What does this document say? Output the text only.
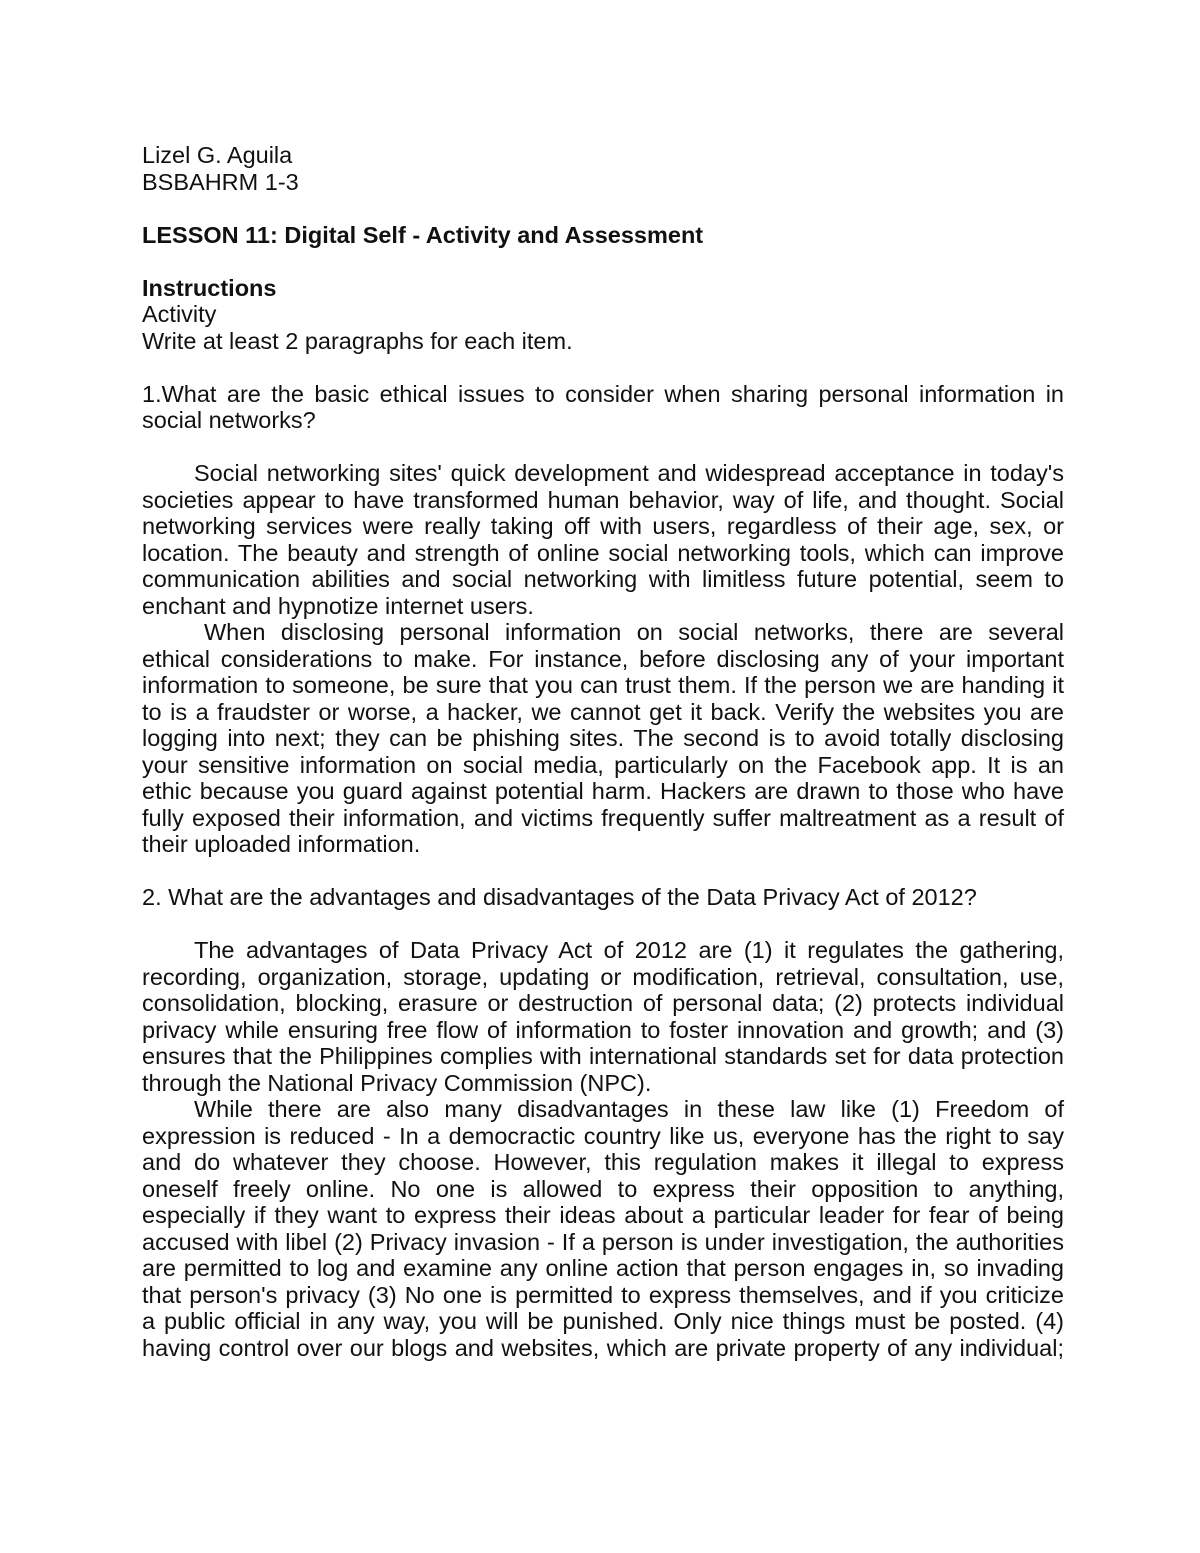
Lizel G. Aguila
BSBAHRM 1-3
LESSON 11: Digital Self - Activity and Assessment
Instructions
Activity
Write at least 2 paragraphs for each item.
1.What are the basic ethical issues to consider when sharing personal information in
social networks?
Social networking sites' quick development and widespread acceptance in today's
societies appear to have transformed human behavior, way of life, and thought. Social
networking services were really taking off with users, regardless of their age, sex, or
location. The beauty and strength of online social networking tools, which can improve
communication abilities and social networking with limitless future potential, seem to
enchant and hypnotize internet users.
When disclosing personal information on social networks, there are several
ethical considerations to make. For instance, before disclosing any of your important
information to someone, be sure that you can trust them. If the person we are handing it
to is a fraudster or worse, a hacker, we cannot get it back. Verify the websites you are
logging into next; they can be phishing sites. The second is to avoid totally disclosing
your sensitive information on social media, particularly on the Facebook app. It is an
ethic because you guard against potential harm. Hackers are drawn to those who have
fully exposed their information, and victims frequently suffer maltreatment as a result of
their uploaded information.
2. What are the advantages and disadvantages of the Data Privacy Act of 2012?
The advantages of Data Privacy Act of 2012 are (1) it regulates the gathering,
recording, organization, storage, updating or modification, retrieval, consultation, use,
consolidation, blocking, erasure or destruction of personal data; (2) protects individual
privacy while ensuring free flow of information to foster innovation and growth; and (3)
ensures that the Philippines complies with international standards set for data protection
through the National Privacy Commission (NPC).
While there are also many disadvantages in these law like (1) Freedom of
expression is reduced - In a democractic country like us, everyone has the right to say
and do whatever they choose. However, this regulation makes it illegal to express
oneself freely online. No one is allowed to express their opposition to anything,
especially if they want to express their ideas about a particular leader for fear of being
accused with libel (2) Privacy invasion - If a person is under investigation, the authorities
are permitted to log and examine any online action that person engages in, so invading
that person's privacy (3) No one is permitted to express themselves, and if you criticize
a public official in any way, you will be punished. Only nice things must be posted. (4)
having control over our blogs and websites, which are private property of any individual;
